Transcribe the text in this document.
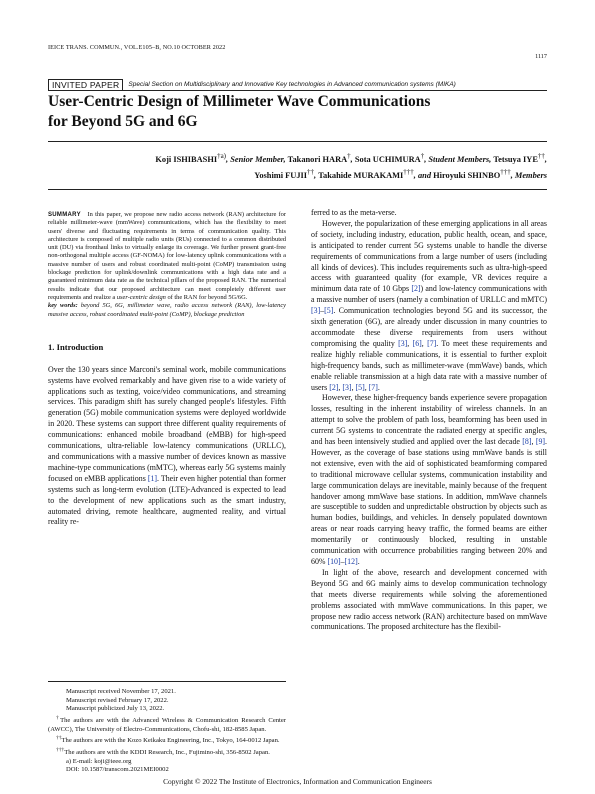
IEICE TRANS. COMMUN., VOL.E105–B, NO.10 OCTOBER 2022
1117
INVITED PAPER	Special Section on Multidisciplinary and Innovative Key technologies in Advanced communication systems (MIKA)
User-Centric Design of Millimeter Wave Communications
for Beyond 5G and 6G
Koji ISHIBASHI$^{\dagger a)}$, Senior Member, Takanori HARA†, Sota UCHIMURA†, Student Members, Tetsuya IYE††,
Yoshimi FUJII††, Takahide MURAKAMI†††, and Hiroyuki SHINBO†††, Members
SUMMARY In this paper, we propose new radio access network (RAN) architecture for reliable millimeter-wave (mmWave) communications, which has the flexibility to meet users' diverse and fluctuating requirements in terms of communication quality. This architecture is composed of multiple radio units (RUs) connected to a common distributed unit (DU) via fronthaul links to virtually enlarge its coverage. We further present grant-free non-orthogonal multiple access (GF-NOMA) for low-latency uplink communications with a massive number of users and robust coordinated multi-point (CoMP) transmission using blockage prediction for uplink/downlink communications with a high data rate and a guaranteed minimum data rate as the technical pillars of the proposed RAN. The numerical results indicate that our proposed architecture can meet completely different user requirements and realize a user-centric design of the RAN for beyond 5G/6G.
key words: beyond 5G, 6G, millimeter wave, radio access network (RAN), low-latency massive access, robust coordinated multi-point (CoMP), blockage prediction
1. Introduction

Over the 130 years since Marconi's seminal work, mobile communications systems have evolved remarkably and have given rise to a wide variety of applications such as texting, voice/video communications, and streaming services. This paradigm shift has surely changed people's lifestyles. Fifth generation (5G) mobile communication systems were deployed worldwide in 2020. These systems can support three different quality requirements of communications: enhanced mobile broadband (eMBB) for high-speed communications, ultra-reliable low-latency communications (URLLC), and communications with a massive number of devices known as massive machine-type communications (mMTC), whereas early 5G systems mainly focused on eMBB applications [1]. Their even higher potential than former systems such as long-term evolution (LTE)-Advanced is expected to lead to the development of new applications such as the smart industry, automated driving, remote healthcare, augmented reality, and virtual reality re-

Manuscript received November 17, 2021.
Manuscript revised February 17, 2022.
Manuscript publicized July 13, 2022.
†The authors are with the Advanced Wireless & Communication Research Center (AWCC), The University of Electro-Communications, Chofu-shi, 182-8585 Japan.
††The authors are with the Kozo Keikaku Engineering, Inc., Tokyo, 164-0012 Japan.
†††The authors are with the KDDI Research, Inc., Fujimino-shi, 356-8502 Japan.
a) E-mail: koji@ieee.org
DOI: 10.1587/transcom.2021MEI0002

ferred to as the meta-verse.

However, the popularization of these emerging applications in all areas of society, including industry, education, public health, ocean, and space, is anticipated to render current 5G systems unable to handle the diverse requirements of communications from a large number of users (including all kinds of devices). This includes requirements such as ultra-high-speed access with guaranteed quality (for example, VR devices require a minimum data rate of 10 Gbps [2]) and low-latency communications with a massive number of users (namely a combination of URLLC and mMTC) [3]–[5]. Communication technologies beyond 5G and its successor, the sixth generation (6G), are already under discussion in many countries to accommodate these diverse requirements from users without compromising the quality [3], [6], [7]. To meet these requirements and realize highly reliable communications, it is essential to further exploit high-frequency bands, such as millimeter-wave (mmWave) bands, which enable reliable transmission at a high data rate with a massive number of users [2], [3], [5], [7].

However, these higher-frequency bands experience severe propagation losses, resulting in the inherent instability of wireless channels. In an attempt to solve the problem of path loss, beamforming has been used in current 5G systems to concentrate the radiated energy at specific angles, and has been intensively studied and applied over the last decade [8], [9]. However, as the coverage of base stations using mmWave bands is still not extensive, even with the aid of sophisticated beamforming compared to traditional microwave cellular systems, communication instability and large communication delays are inevitable, mainly because of the frequent handover among mmWave base stations. In addition, mmWave channels are susceptible to sudden and unpredictable obstruction by objects such as human bodies, buildings, and vehicles. In densely populated downtown areas or near roads carrying heavy traffic, the formed beams are either momentarily or continuously blocked, resulting in unstable communication with occurrence probabilities ranging between 20% and 60% [10]–[12].

In light of the above, research and development concerned with Beyond 5G and 6G mainly aims to develop communication technology that meets diverse requirements while solving the aforementioned problems associated with mmWave communications. In this paper, we propose new radio access network (RAN) architecture based on mmWave communications. The proposed architecture has the flexibil-

Copyright © 2022 The Institute of Electronics, Information and Communication Engineers
